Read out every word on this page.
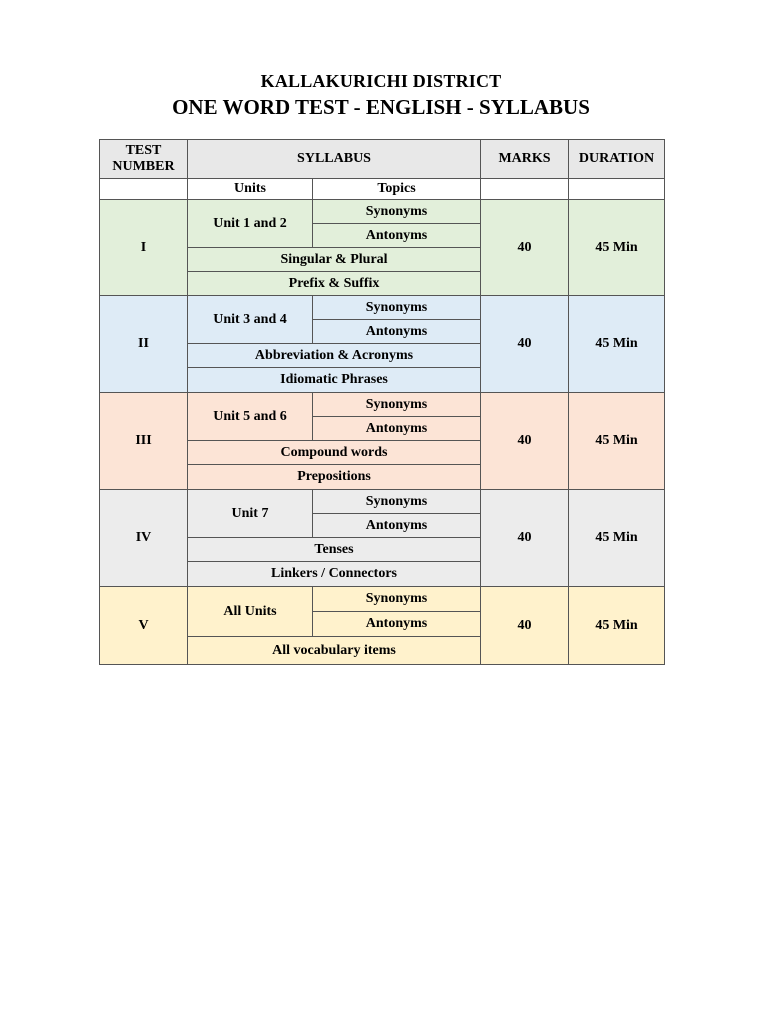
KALLAKURICHI DISTRICT
ONE WORD TEST - ENGLISH - SYLLABUS
TEST NUMBER	SYLLABUS		MARKS	DURATION
	Units	Topics		
I	Unit 1 and 2	Synonyms	40	45 Min
		Antonyms		
	Singular & Plural			
	Prefix & Suffix			
II	Unit 3 and 4	Synonyms	40	45 Min
		Antonyms		
	Abbreviation & Acronyms			
	Idiomatic Phrases			
III	Unit 5 and 6	Synonyms	40	45 Min
		Antonyms		
	Compound words			
	Prepositions			
IV	Unit 7	Synonyms	40	45 Min
		Antonyms		
	Tenses			
	Linkers / Connectors			
V	All Units	Synonyms	40	45 Min
		Antonyms		
	All vocabulary items			
